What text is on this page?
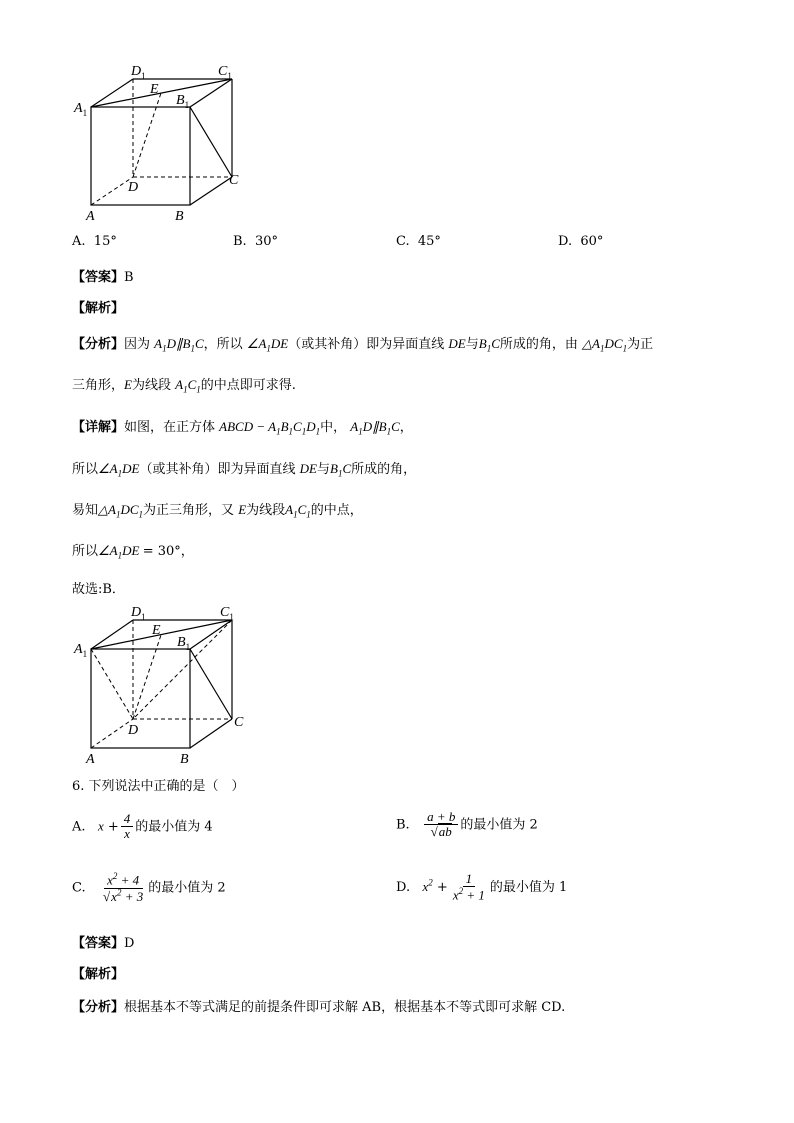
$A_1$
$D_1$	$C_1$
E
$B_1$
D	C
A	B
A. 15°	B. 30°	C. 45°	D. 60°
【答案】B
【解析】
【分析】因为 $A_1D\parallel B_1C$，所以 $\angle A_1DE$（或其补角）即为异面直线 DE与$B_1C$所成的角，由 $\triangle A_1DC_1$为正
三角形，E为线段 $A_1C_1$的中点即可求得.
【详解】如图，在正方体 ABCD − $A_1B_1C_1D_1$中， $A_1D\parallel B_1C$，
所以$\angle A_1DE$（或其补角）即为异面直线 DE与$B_1C$所成的角，
易知$\triangle A_1DC_1$为正三角形，又 E为线段$A_1C_1$的中点，
所以$\angle A_1DE = 30^\circ$，
故选:B．
$A_1$
$D_1$	$C_1$
E
$B_1$
D
C
A	B
6. 下列说法中正确的是（　）
A. $x + \frac{4}{x}$ 的最小值为 4	B. a + b
√ ab 的最小值为 2
C. $x^2 + 4$
√ $x^2 + 3$ 的最小值为 2	D. $x^2 + \frac{1}{x^2 + 1}$ 的最小值为 1
【答案】D
【解析】
【分析】根据基本不等式满足的前提条件即可求解 AB，根据基本不等式即可求解 CD.
